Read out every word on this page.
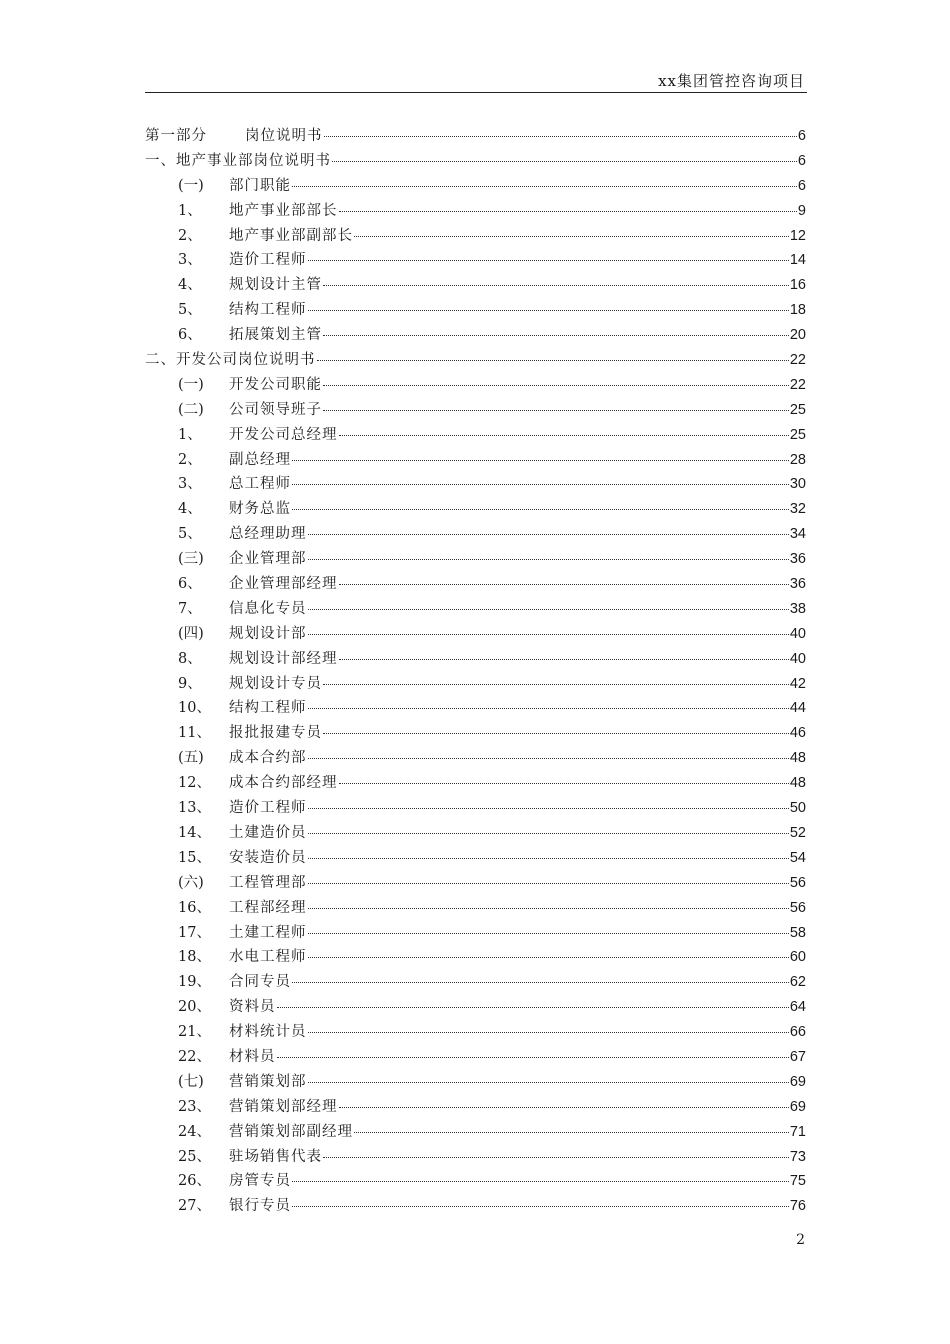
xx集团管控咨询项目
第一部分	岗位说明书	6
一、地产事业部岗位说明书	6
(一)	部门职能	6
1、	地产事业部部长	9
2、	地产事业部副部长	12
3、	造价工程师	14
4、	规划设计主管	16
5、	结构工程师	18
6、	拓展策划主管	20
二、开发公司岗位说明书	22
(一)	开发公司职能	22
(二)	公司领导班子	25
1、	开发公司总经理	25
2、	副总经理	28
3、	总工程师	30
4、	财务总监	32
5、	总经理助理	34
(三)	企业管理部	36
6、	企业管理部经理	36
7、	信息化专员	38
(四)	规划设计部	40
8、	规划设计部经理	40
9、	规划设计专员	42
10、	结构工程师	44
11、	报批报建专员	46
(五)	成本合约部	48
12、	成本合约部经理	48
13、	造价工程师	50
14、	土建造价员	52
15、	安装造价员	54
(六)	工程管理部	56
16、	工程部经理	56
17、	土建工程师	58
18、	水电工程师	60
19、	合同专员	62
20、	资料员	64
21、	材料统计员	66
22、	材料员	67
(七)	营销策划部	69
23、	营销策划部经理	69
24、	营销策划部副经理	71
25、	驻场销售代表	73
26、	房管专员	75
27、	银行专员	76
2
